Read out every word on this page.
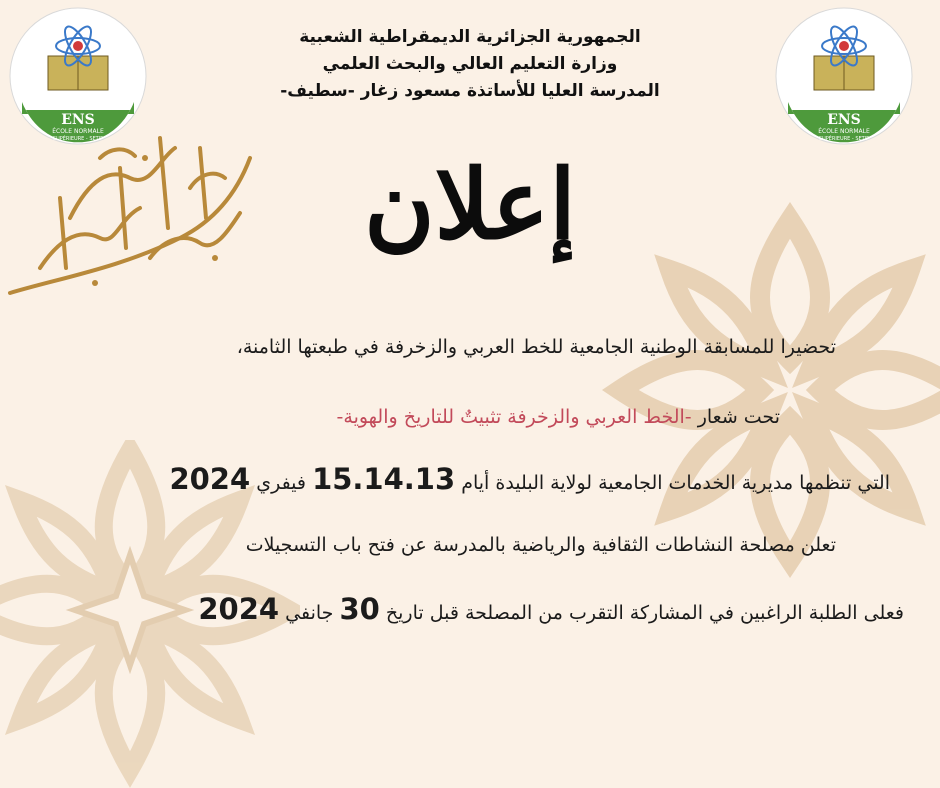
ENS
ÉCOLE NORMALE
SUPÉRIEURE - SETIF
ENS
ÉCOLE NORMALE
SUPÉRIEURE - SETIF
الجمهورية الجزائرية الديمقراطية الشعبية
وزارة التعليم العالي والبحث العلمي
المدرسة العليا للأساتذة مسعود زغار -سطيف-
إعلان
تحضيرا للمسابقة الوطنية الجامعية للخط العربي والزخرفة في طبعتها الثامنة،
تحت شعار -الخط العربي والزخرفة تثبيتٌ للتاريخ والهوية-
التي تنظمها مديرية الخدمات الجامعية لولاية البليدة أيام 15.14.13 فيفري 2024
تعلن مصلحة النشاطات الثقافية والرياضية بالمدرسة عن فتح باب التسجيلات
فعلى الطلبة الراغبين في المشاركة التقرب من المصلحة قبل تاريخ 30 جانفي 2024
